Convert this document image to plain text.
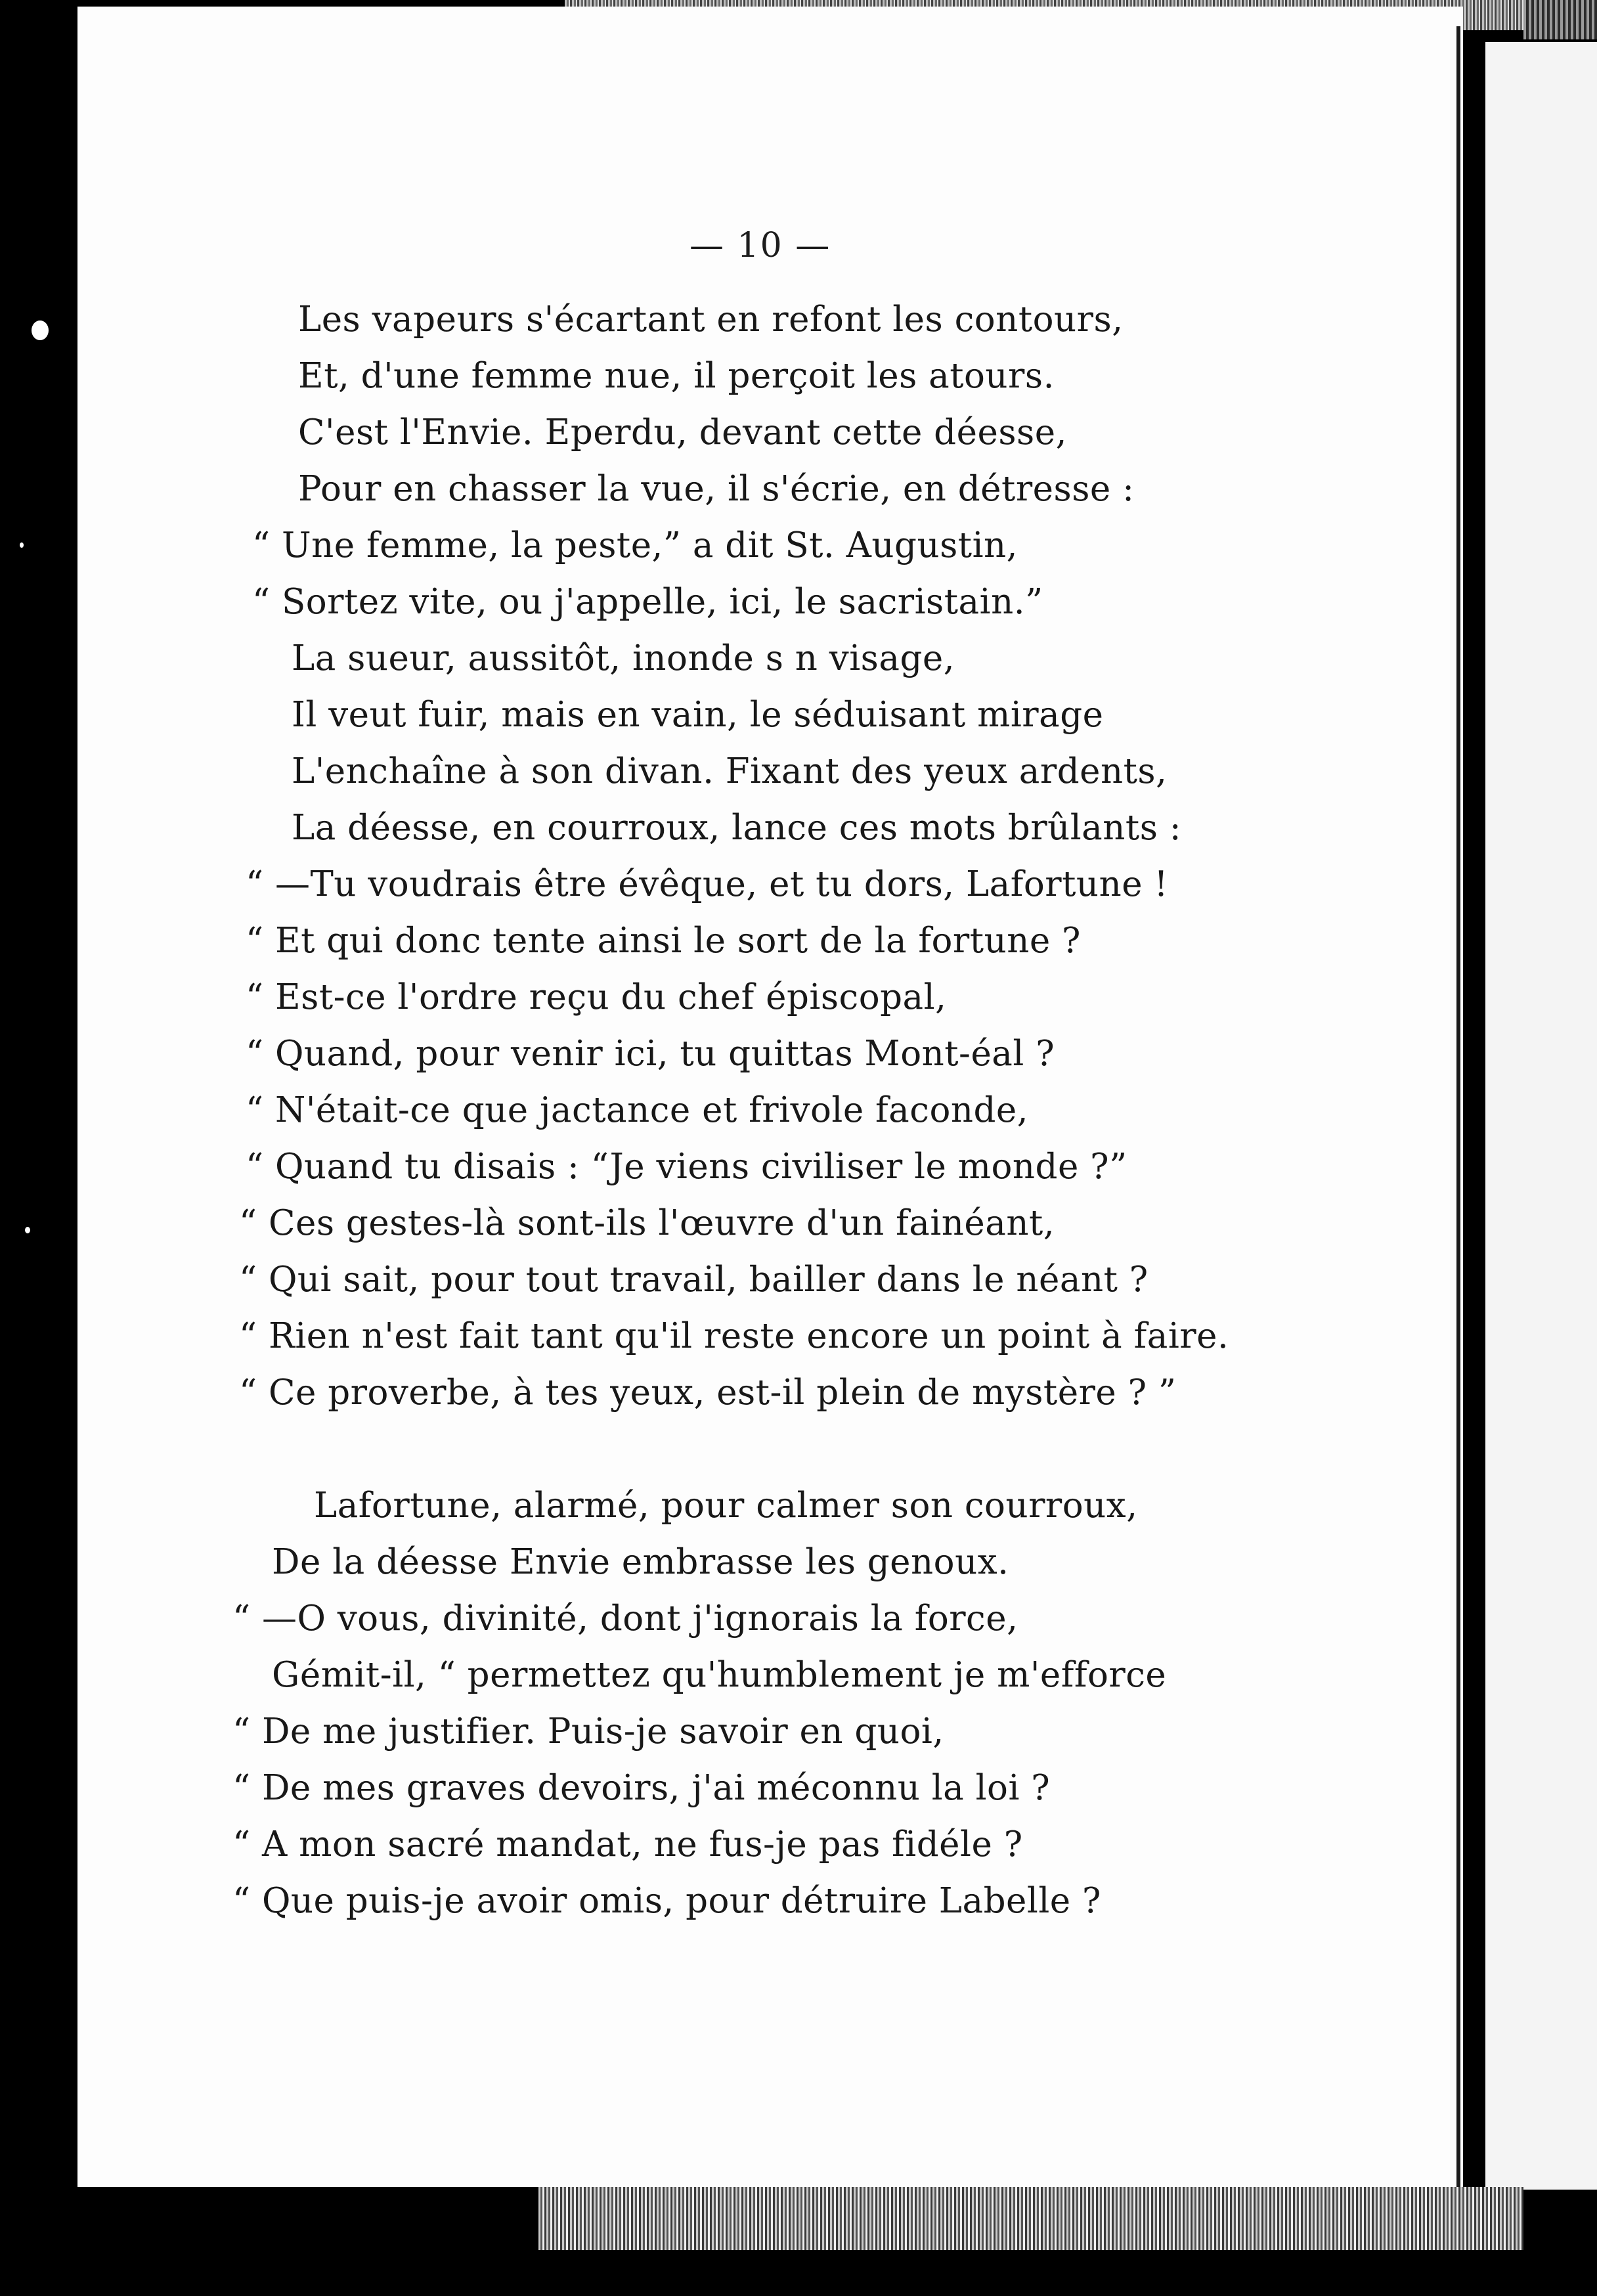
— 10 —
Les vapeurs s'écartant en refont les contours,
Et, d'une femme nue, il perçoit les atours.
C'est l'Envie. Eperdu, devant cette déesse,
Pour en chasser la vue, il s'écrie, en détresse :
“ Une femme, la peste,” a dit St. Augustin,
“ Sortez vite, ou j'appelle, ici, le sacristain.”
La sueur, aussitôt, inonde s n visage,
Il veut fuir, mais en vain, le séduisant mirage
L'enchaîne à son divan. Fixant des yeux ardents,
La déesse, en courroux, lance ces mots brûlants :
“ —Tu voudrais être évêque, et tu dors, Lafortune !
“ Et qui donc tente ainsi le sort de la fortune ?
“ Est-ce l'ordre reçu du chef épiscopal,
“ Quand, pour venir ici, tu quittas Mont-éal ?
“ N'était-ce que jactance et frivole faconde,
“ Quand tu disais : “Je viens civiliser le monde ?”
“ Ces gestes-là sont-ils l'œuvre d'un fainéant,
“ Qui sait, pour tout travail, bailler dans le néant ?
“ Rien n'est fait tant qu'il reste encore un point à faire.
“ Ce proverbe, à tes yeux, est-il plein de mystère ? ”
Lafortune, alarmé, pour calmer son courroux,
De la déesse Envie embrasse les genoux.
“ —O vous, divinité, dont j'ignorais la force,
Gémit-il, “ permettez qu'humblement je m'efforce
“ De me justifier. Puis-je savoir en quoi,
“ De mes graves devoirs, j'ai méconnu la loi ?
“ A mon sacré mandat, ne fus-je pas fidéle ?
“ Que puis-je avoir omis, pour détruire Labelle ?
